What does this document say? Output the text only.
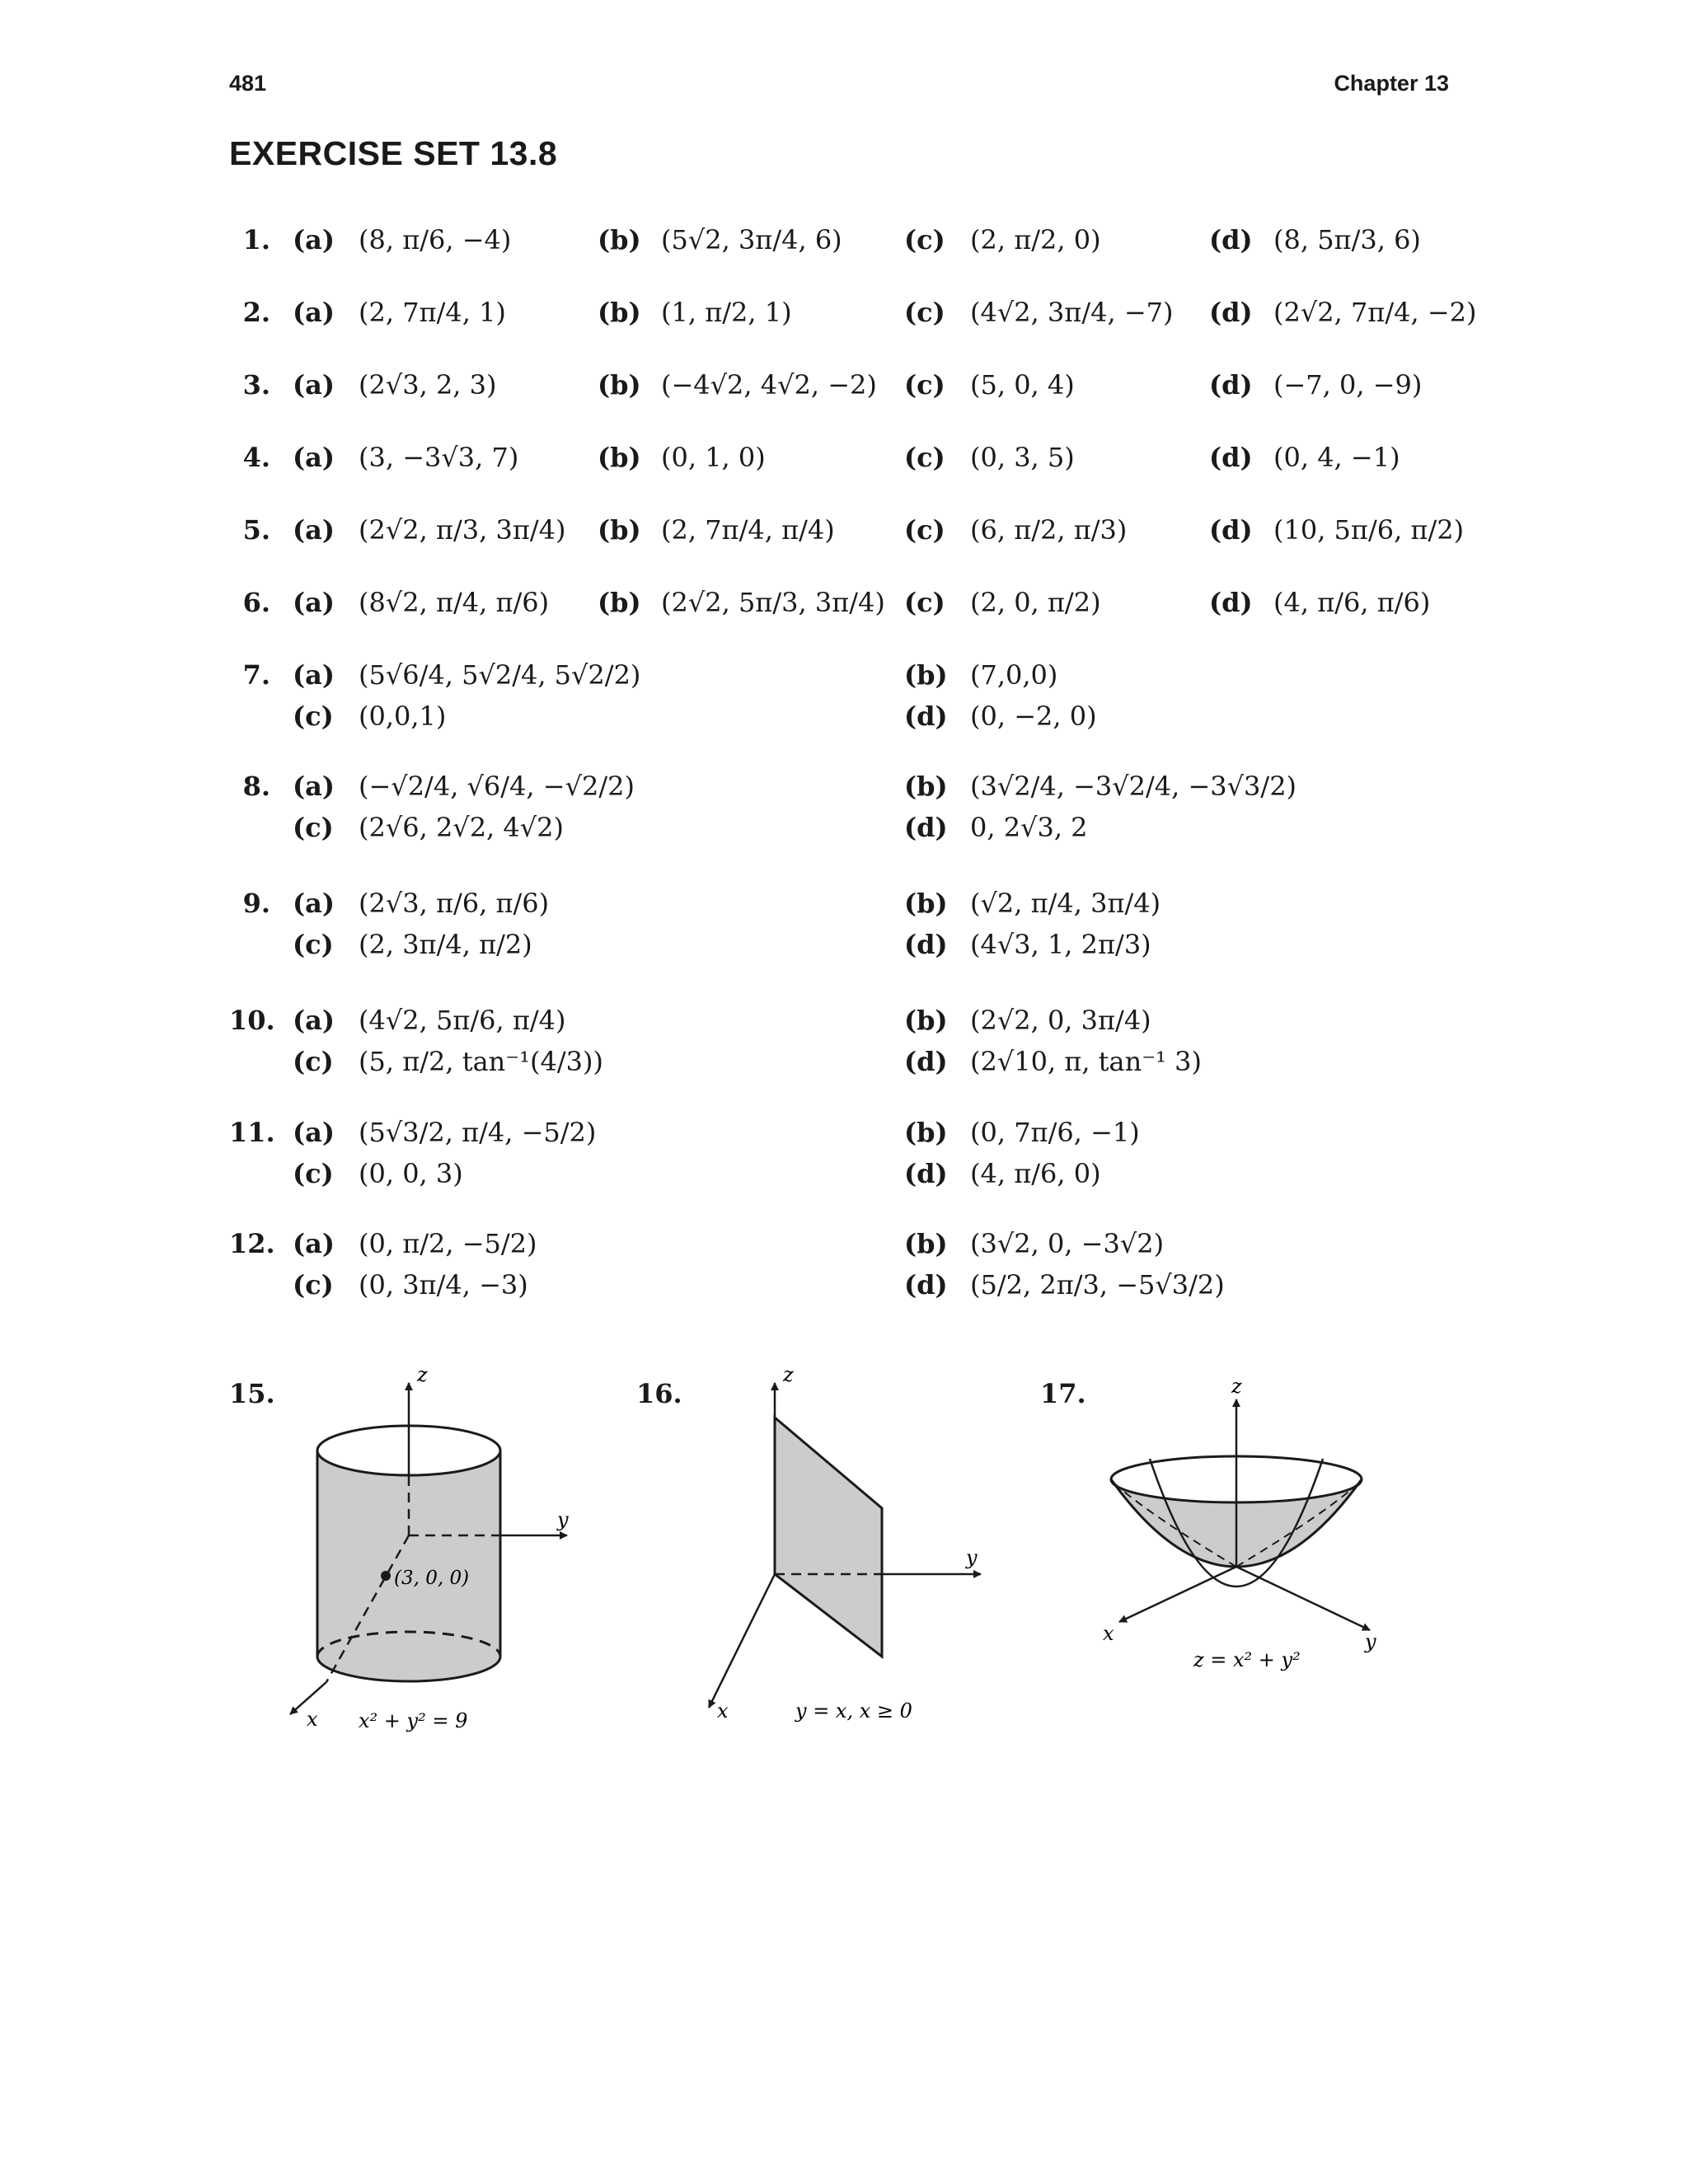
481	Chapter 13
EXERCISE SET 13.8
1. (a) (8, π/6, −4)	(b) (5√2, 3π/4, 6) (c) (2, π/2, 0)	(d) (8, 5π/3, 6)
2. (a) (2, 7π/4, 1)	(b) (1, π/2, 1)	(c) (4√2, 3π/4, −7) (d) (2√2, 7π/4, −2)
3. (a) (2√3, 2, 3)	(b) (−4√2, 4√2, −2) (c) (5, 0, 4)	(d) (−7, 0, −9)
4. (a) (3, −3√3, 7)	(b) (0, 1, 0)	(c) (0, 3, 5)	(d) (0, 4, −1)
5. (a) (2√2, π/3, 3π/4) (b) (2, 7π/4, π/4)	(c) (6, π/2, π/3)	(d) (10, 5π/6, π/2)
6. (a) (8√2, π/4, π/6) (b) (2√2, 5π/3, 3π/4) (c) (2, 0, π/2)	(d) (4, π/6, π/6)
7. (a) (5√6/4, 5√2/4, 5√2/2)	(b) (7,0,0)
(c) (0,0,1)	(d) (0, −2, 0)
8. (a) (−√2/4, √6/4, −√2/2)	(b) (3√2/4, −3√2/4, −3√3/2)
(c) (2√6, 2√2, 4√2)	(d) 0, 2√3, 2
9. (a) (2√3, π/6, π/6)	(b) (√2, π/4, 3π/4)
(c) (2, 3π/4, π/2)	(d) (4√3, 1, 2π/3)
10. (a) (4√2, 5π/6, π/4)	(b) (2√2, 0, 3π/4)
(c) (5, π/2, tan⁻¹(4/3))	(d) (2√10, π, tan⁻¹ 3)
11. (a) (5√3/2, π/4, −5/2)	(b) (0, 7π/6, −1)
(c) (0, 0, 3)	(d) (4, π/6, 0)
12. (a) (0, π/2, −5/2)	(b) (3√2, 0, −3√2)
(c) (0, 3π/4, −3)	(d) (5/2, 2π/3, −5√3/2)
15.
z
y
x
(3, 0, 0)
x² + y² = 9
16.
z
y
x	y = x, x ≥ 0
17.	z
x	y
z = x² + y²
